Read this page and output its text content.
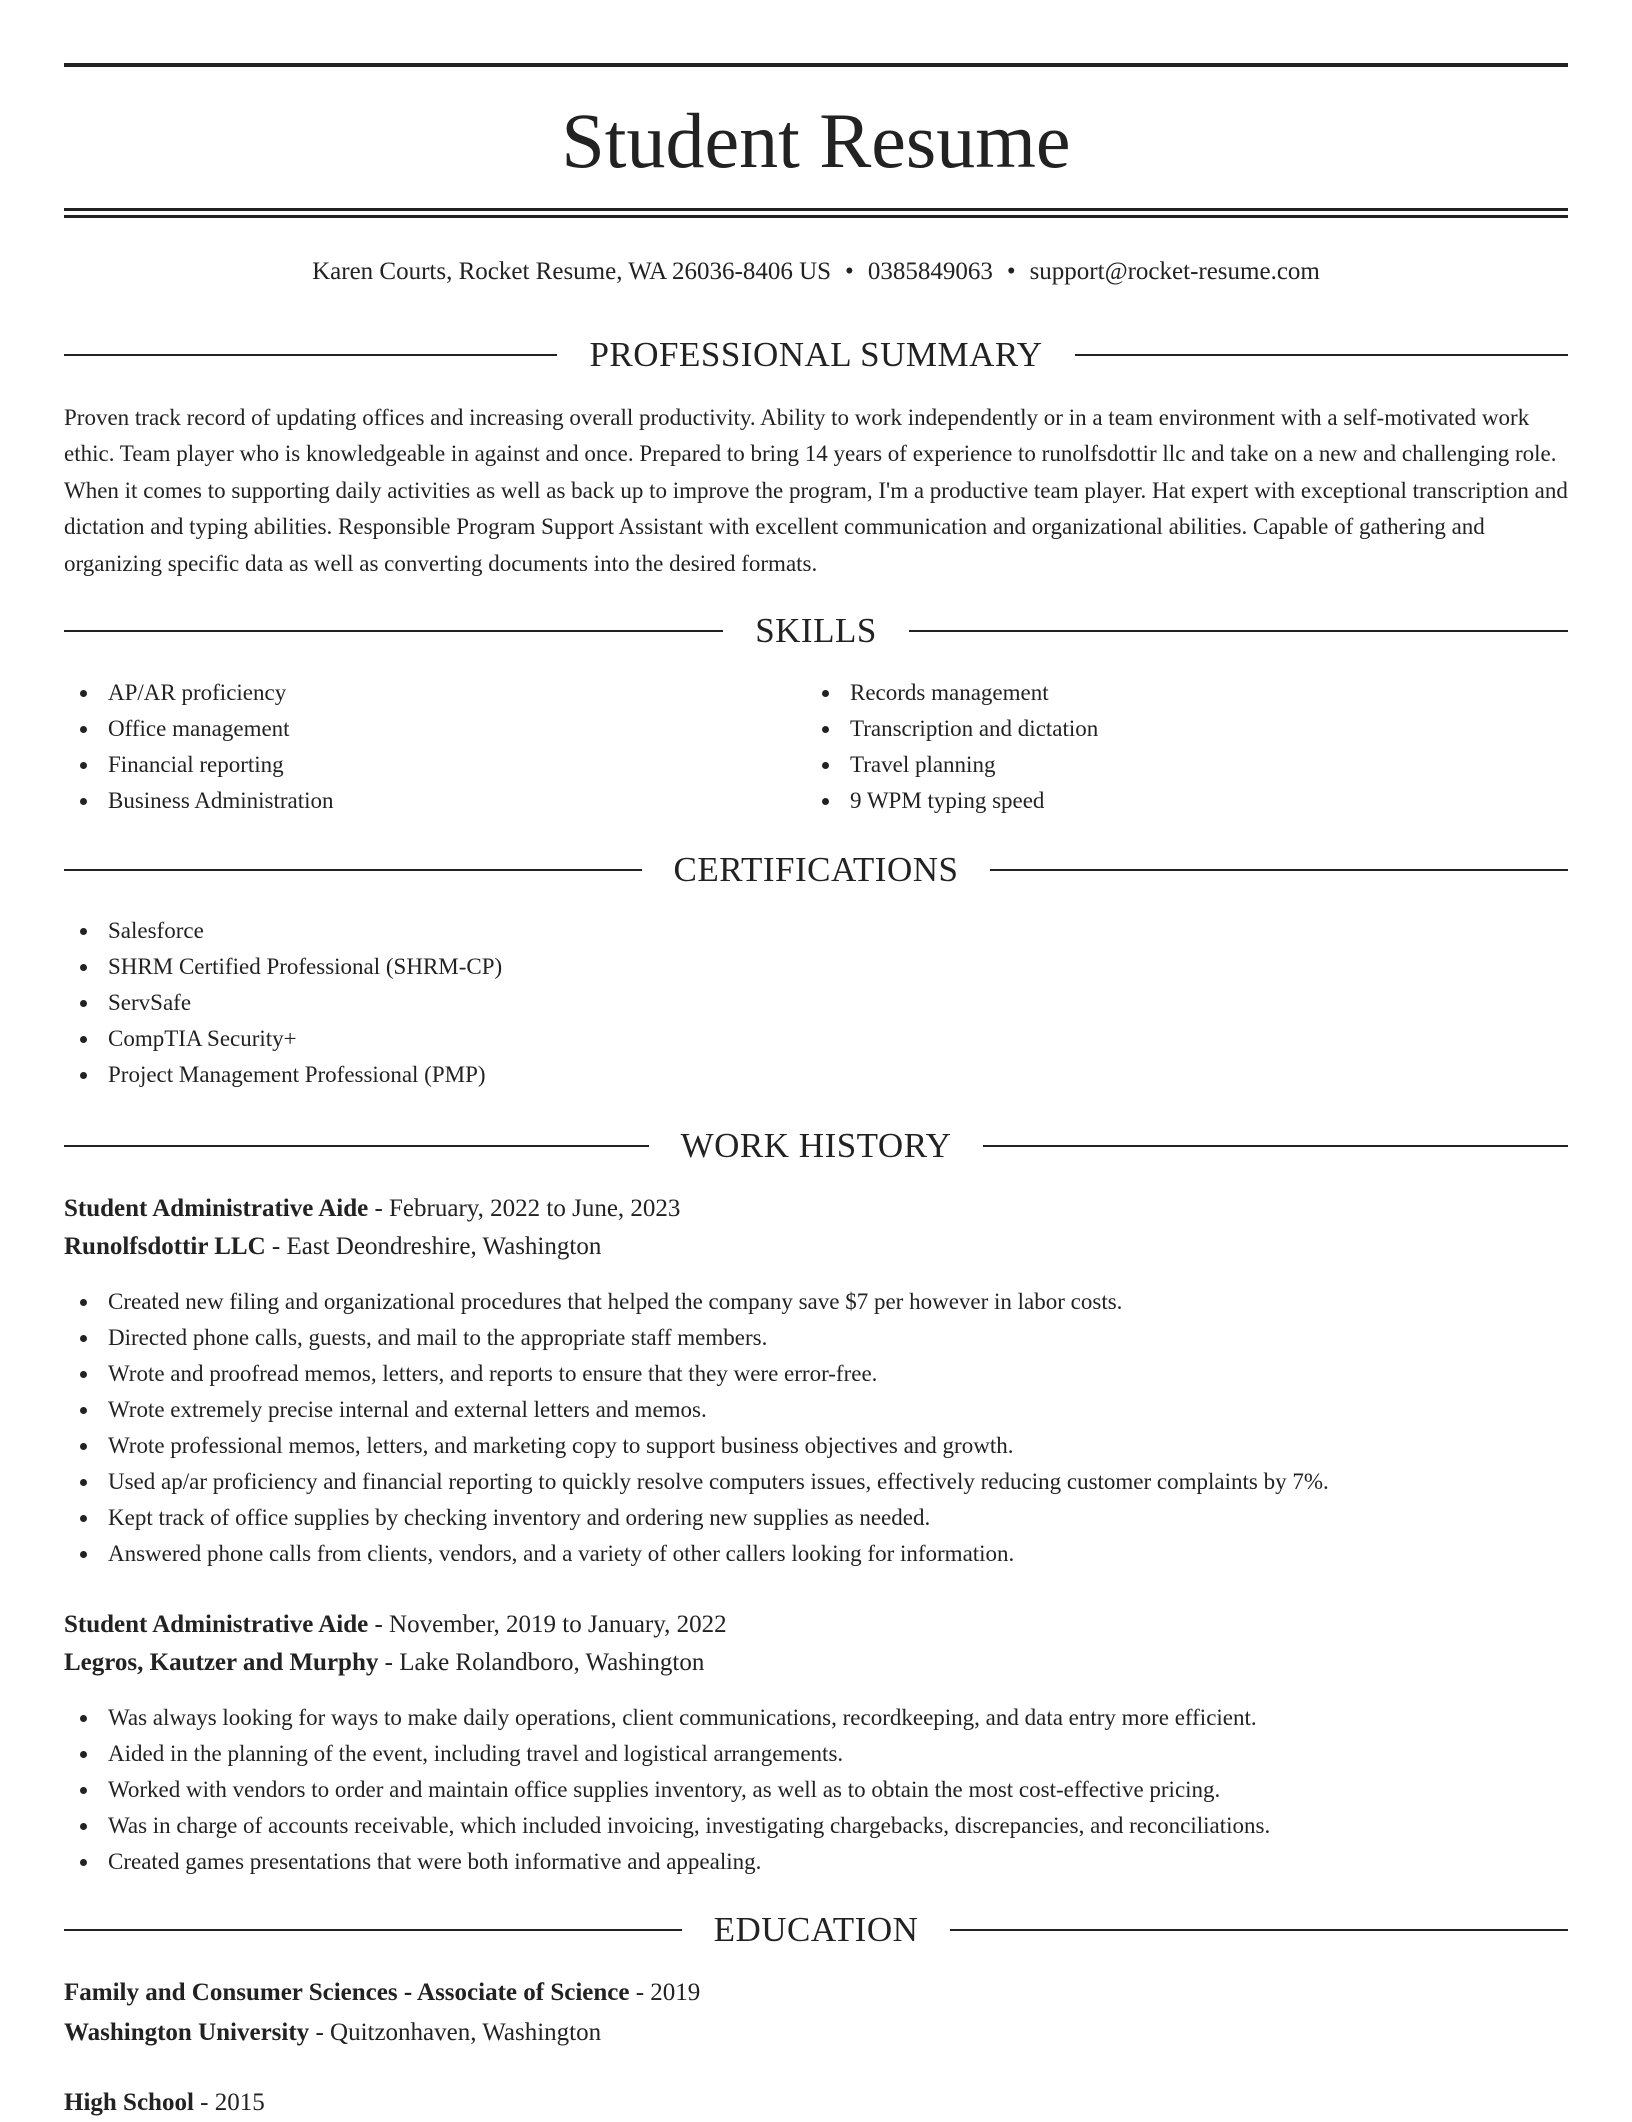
Student Resume
Karen Courts, Rocket Resume, WA 26036-8406 US • 0385849063 • support@rocket-resume.com
PROFESSIONAL SUMMARY

Proven track record of updating offices and increasing overall productivity. Ability to work independently or in a team environment with a self-motivated work ethic. Team player who is knowledgeable in against and once. Prepared to bring 14 years of experience to runolfsdottir llc and take on a new and challenging role. When it comes to supporting daily activities as well as back up to improve the program, I'm a productive team player. Hat expert with exceptional transcription and dictation and typing abilities. Responsible Program Support Assistant with excellent communication and organizational abilities. Capable of gathering and organizing specific data as well as converting documents into the desired formats.

SKILLS
AP/AR proficiency
Office management
Financial reporting
Business Administration
Records management
Transcription and dictation
Travel planning
9 WPM typing speed
CERTIFICATIONS
Salesforce
SHRM Certified Professional (SHRM-CP)
ServSafe
CompTIA Security+
Project Management Professional (PMP)
WORK HISTORY
Student Administrative Aide - February, 2022 to June, 2023
Runolfsdottir LLC - East Deondreshire, Washington
Created new filing and organizational procedures that helped the company save $7 per however in labor costs.
Directed phone calls, guests, and mail to the appropriate staff members.
Wrote and proofread memos, letters, and reports to ensure that they were error-free.
Wrote extremely precise internal and external letters and memos.
Wrote professional memos, letters, and marketing copy to support business objectives and growth.
Used ap/ar proficiency and financial reporting to quickly resolve computers issues, effectively reducing customer complaints by 7%.
Kept track of office supplies by checking inventory and ordering new supplies as needed.
Answered phone calls from clients, vendors, and a variety of other callers looking for information.
Student Administrative Aide - November, 2019 to January, 2022
Legros, Kautzer and Murphy - Lake Rolandboro, Washington
Was always looking for ways to make daily operations, client communications, recordkeeping, and data entry more efficient.
Aided in the planning of the event, including travel and logistical arrangements.
Worked with vendors to order and maintain office supplies inventory, as well as to obtain the most cost-effective pricing.
Was in charge of accounts receivable, which included invoicing, investigating chargebacks, discrepancies, and reconciliations.
Created games presentations that were both informative and appealing.
EDUCATION
Family and Consumer Sciences - Associate of Science - 2019
Washington University - Quitzonhaven, Washington
High School - 2015
